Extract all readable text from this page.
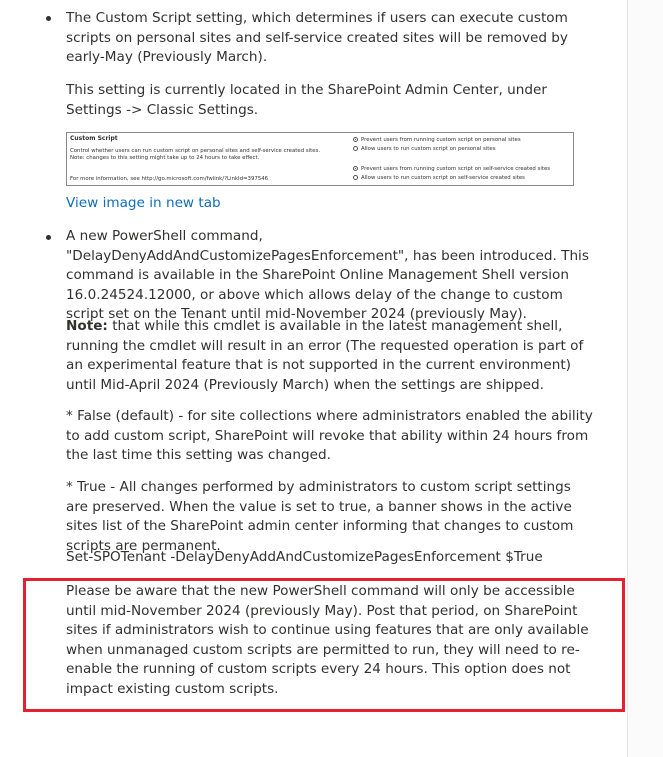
The Custom Script setting, which determines if users can execute custom scripts on personal sites and self-service created sites will be removed by early-May (Previously March).

This setting is currently located in the SharePoint Admin Center, under Settings -> Classic Settings.

Custom Script
Control whether users can run custom script on personal sites and self-service created sites. Note: changes to this setting might take up to 24 hours to take effect.
For more information, see http://go.microsoft.com/fwlink/?LinkId=397546
Prevent users from running custom script on personal sites
Allow users to run custom script on personal sites
Prevent users from running custom script on self-service created sites
Allow users to run custom script on self-service created sites
View image in new tab

A new PowerShell command, "DelayDenyAddAndCustomizePagesEnforcement", has been introduced. This command is available in the SharePoint Online Management Shell version 16.0.24524.12000, or above which allows delay of the change to custom script set on the Tenant until mid-November 2024 (previously May).

Note: that while this cmdlet is available in the latest management shell, running the cmdlet will result in an error (The requested operation is part of an experimental feature that is not supported in the current environment) until Mid-April 2024 (Previously March) when the settings are shipped.

* False (default) - for site collections where administrators enabled the ability to add custom script, SharePoint will revoke that ability within 24 hours from the last time this setting was changed.

* True - All changes performed by administrators to custom script settings are preserved. When the value is set to true, a banner shows in the active sites list of the SharePoint admin center informing that changes to custom scripts are permanent.

Set-SPOTenant -DelayDenyAddAndCustomizePagesEnforcement $True

Please be aware that the new PowerShell command will only be accessible until mid-November 2024 (previously May). Post that period, on SharePoint sites if administrators wish to continue using features that are only available when unmanaged custom scripts are permitted to run, they will need to re-enable the running of custom scripts every 24 hours. This option does not impact existing custom scripts.
